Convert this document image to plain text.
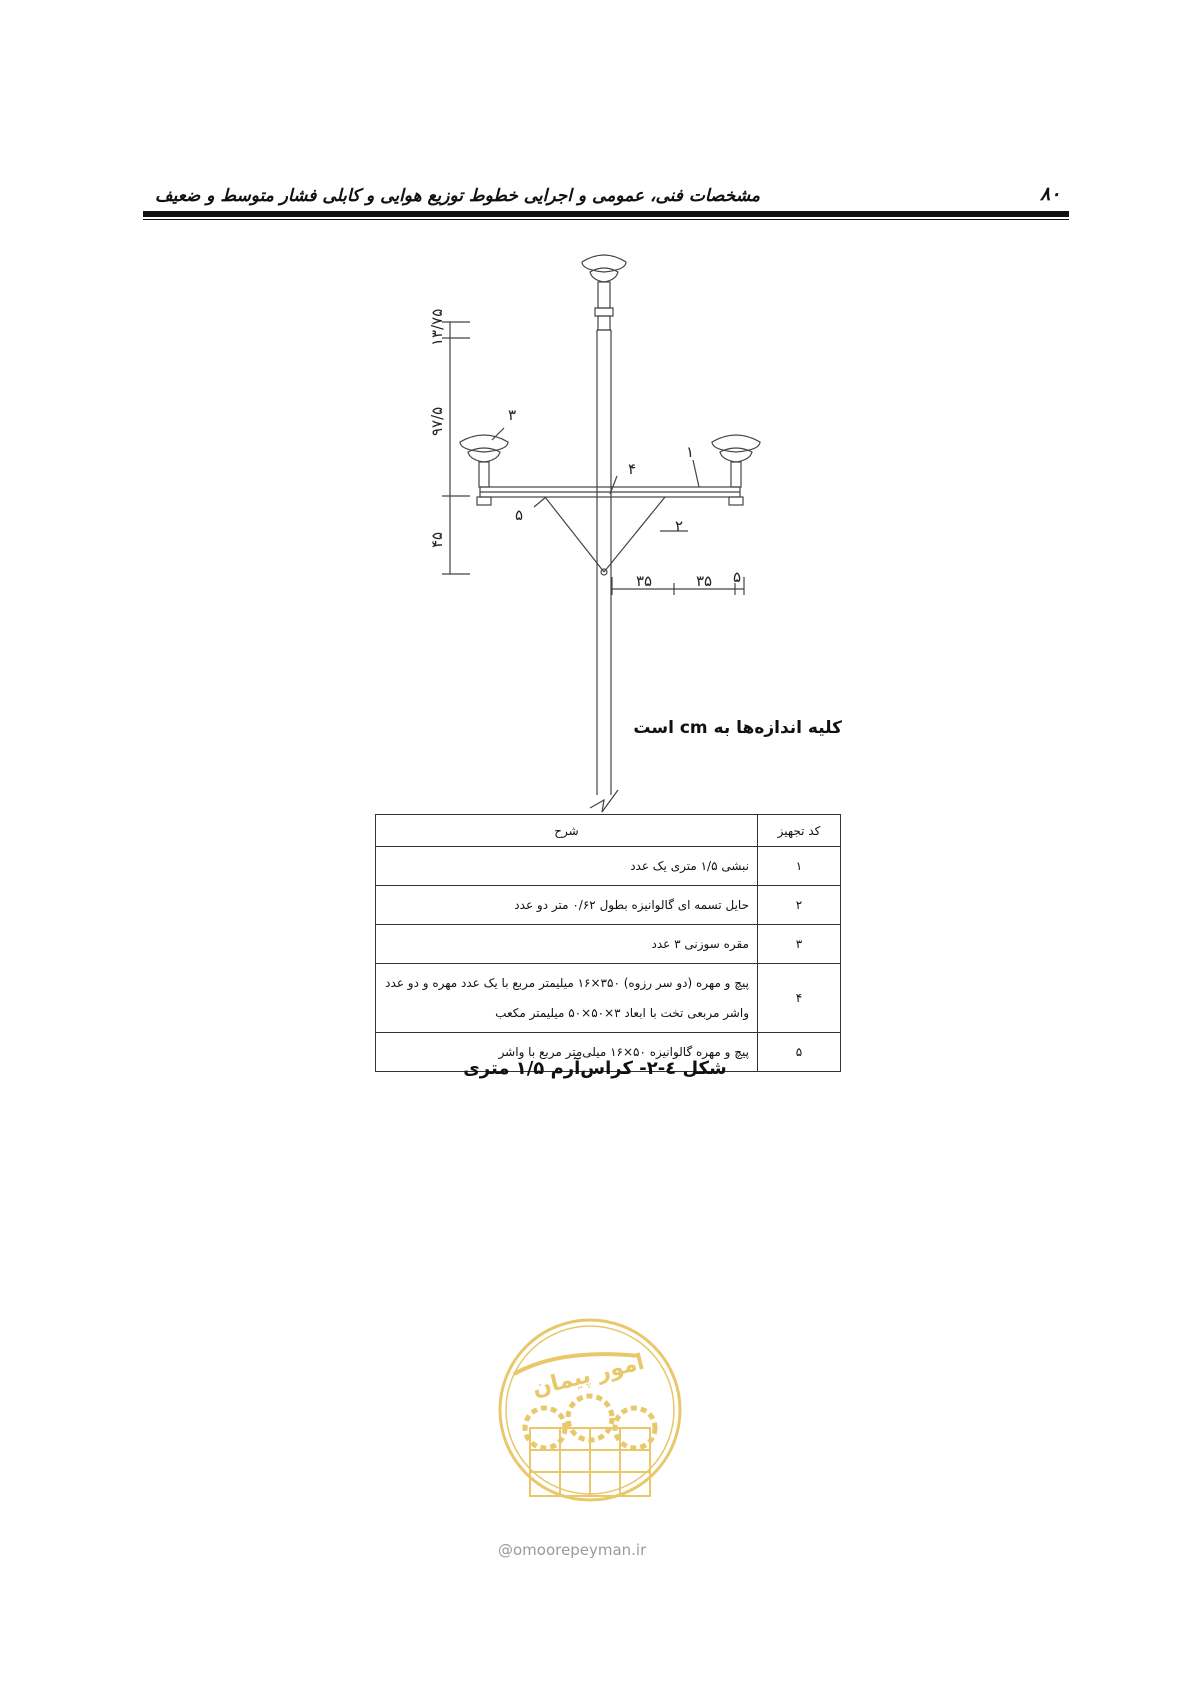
مشخصات فنی، عمومی و اجرایی خطوط توزیع هوایی و کابلی فشار متوسط و ضعیف	۸۰
۱۳/۷۵
۹۷/۵
۴۵
۳۵	۳۵ ۵
۱
۲
۳
۴
۵
کلیه اندازه‌ها به cm است
کد تجهیز	شرح
۱	نبشی ۱/۵ متری یک عدد
۲	حایل تسمه ای گالوانیزه بطول ۰/۶۲ متر دو عدد
۳	مقره سوزنی ۳ عدد
۴	پیچ و مهره (دو سر رزوه) ۳۵۰×۱۶ میلیمتر مربع با یک عدد مهره و دو عدد واشر مربعی تخت با ابعاد ۳×۵۰×۵۰ میلیمتر مکعب
۵	پیچ و مهره گالوانیزه ۵۰×۱۶ میلی‌متر مربع با واشر
شکل ٤-۲- کراس‌آرم ۱/۵ متری
امور پیمان
@omoorepeyman.ir
